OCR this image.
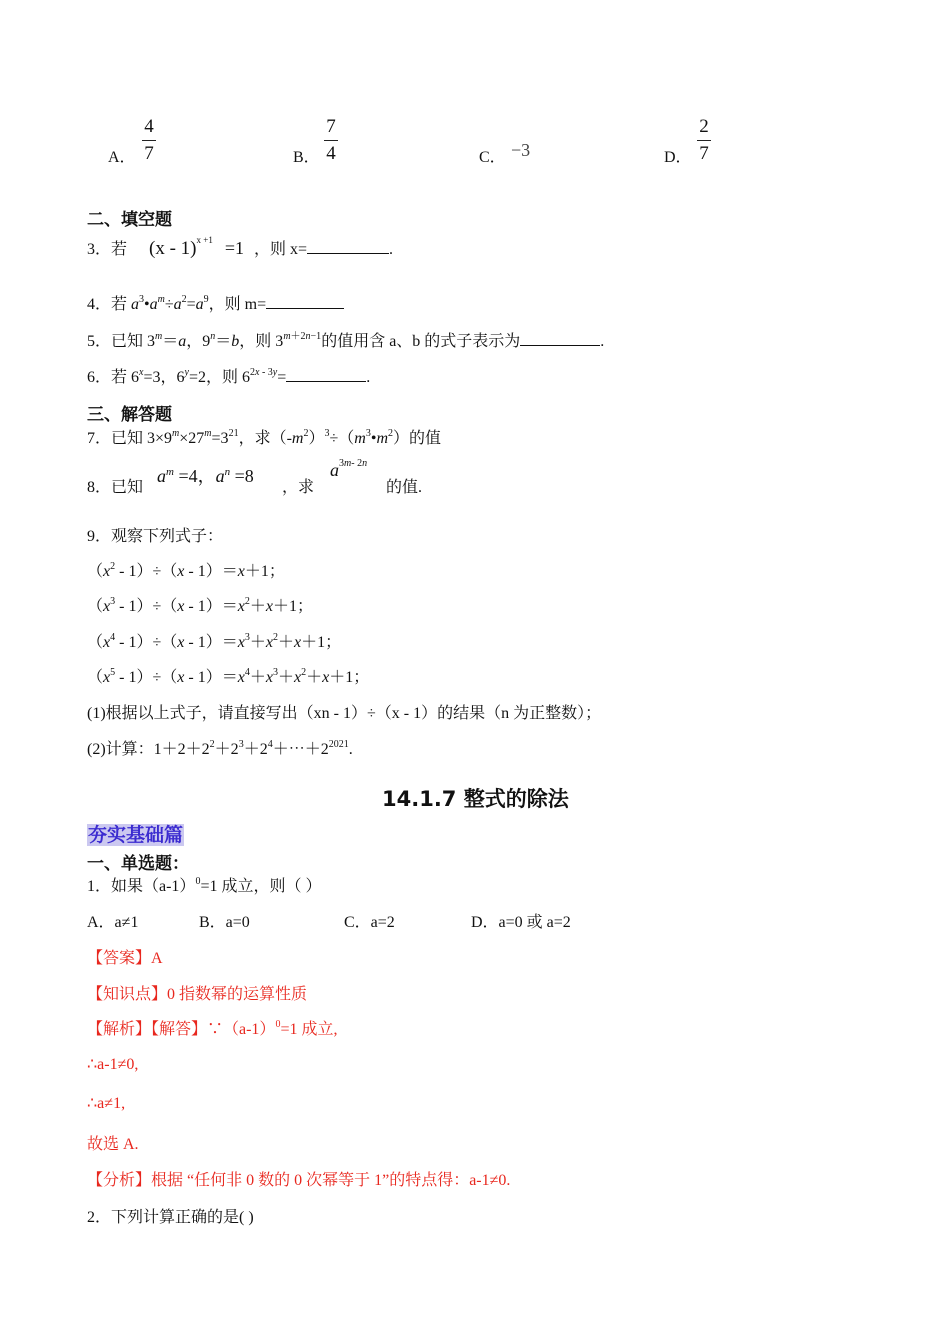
A．
4
7	B．
7
4	C． −3	D．
2
7
二、填空题
3．若 (x - 1)$^{x +1}$ =1 ，则 x=	.
4．若 $a^3•a^m\div a^2=a^9$，则 m=
5．已知 $3^m=a$，$9^n=b$，则 $3^{m+2n-1}$的值用含 a、b 的式子表示为	.
6．若 $6^x=3$，$6^y=2$，则 $6^{2x - 3y}=$	.
三、解答题
7．已知 $3\times 9^m\times 27^m=3^{21}$，求$(-m^2)^3\div(m^3•m^2)$的值
8．已知
$a^m =4$，$a^n =8$
，求
$a^{3m- 2n}$
的值.
9．观察下列式子：
$(x^2 - 1)\div(x - 1)=x+1$；
$(x^3 - 1)\div(x - 1)=x^2+x+1$；
$(x^4 - 1)\div(x - 1)=x^3+x^2+x+1$；
$(x^5 - 1)\div(x - 1)=x^4+x^3+x^2+x+1$；
(1)根据以上式子，请直接写出（xn - 1）÷（x - 1）的结果（n 为正整数）；
(2)计算：$1+2+2^2+2^3+2^4+\cdots+2^{2021}$.
14.1.7 整式的除法
夯实基础篇
一、单选题：
1．如果$(a-1)^0=1$ 成立，则（ ）
A．a≠1	B．a=0	C．a=2	D．a=0 或 a=2
【答案】A
【知识点】0 指数幂的运算性质
【解析】【解答】$\because(a-1)^0=1$ 成立,
∴a-1≠0,
∴a≠1,
故选 A.
【分析】根据 “任何非 0 数的 0 次幂等于 1”的特点得：a-1≠0.
2．下列计算正确的是( )
